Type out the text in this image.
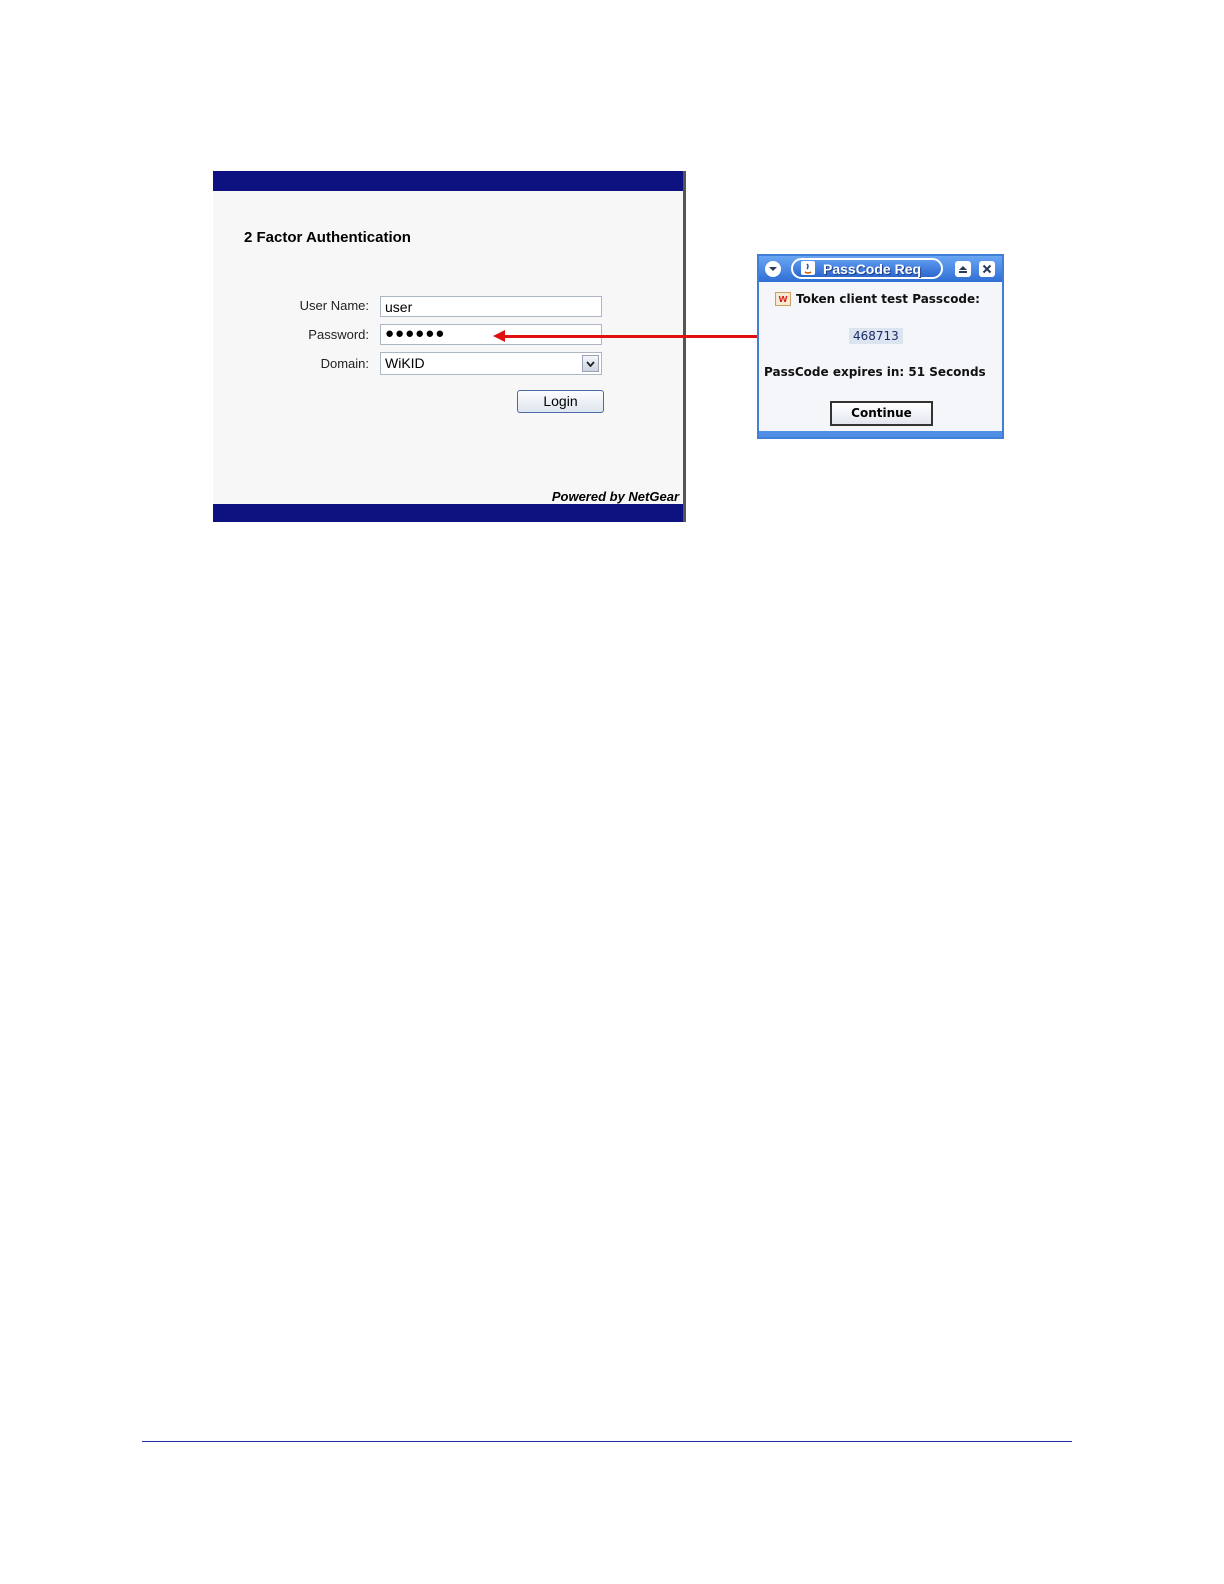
2 Factor Authentication
User Name:	user
Password:	●●●●●●
Domain:	WiKID
Login
Powered by NetGear
PassCode Req
w Token client test Passcode:
468713
PassCode expires in: 51 Seconds
Continue
